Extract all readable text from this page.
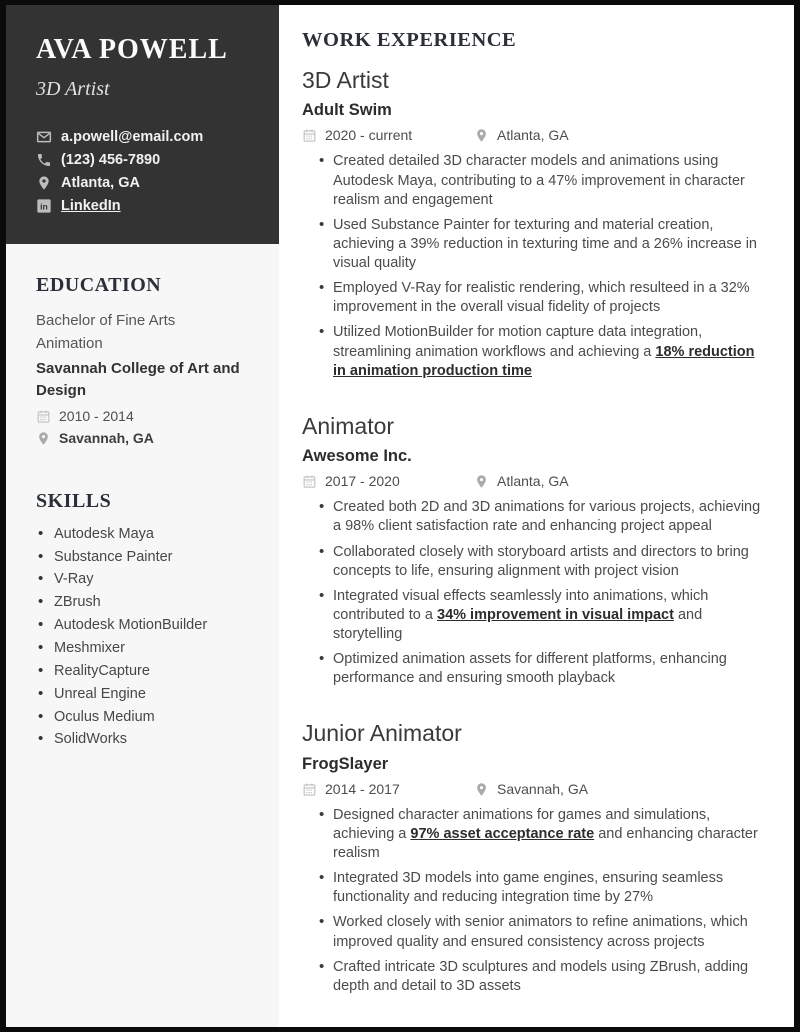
AVA POWELL
3D Artist
a.powell@email.com
(123) 456-7890
Atlanta, GA
in LinkedIn
EDUCATION
Bachelor of Fine Arts Animation
Savannah College of Art and Design
2010 - 2014
Savannah, GA
SKILLS
• Autodesk Maya
• Substance Painter
• V-Ray
• ZBrush
• Autodesk MotionBuilder
• Meshmixer
• RealityCapture
• Unreal Engine
• Oculus Medium
• SolidWorks
WORK EXPERIENCE
3D Artist
Adult Swim
2020 - current	Atlanta, GA
• Created detailed 3D character models and animations using Autodesk Maya, contributing to a 47% improvement in character realism and engagement
• Used Substance Painter for texturing and material creation, achieving a 39% reduction in texturing time and a 26% increase in visual quality
• Employed V-Ray for realistic rendering, which resulteed in a 32% improvement in the overall visual fidelity of projects
• Utilized MotionBuilder for motion capture data integration, streamlining animation workflows and achieving a 18% reduction in animation production time
Animator
Awesome Inc.
2017 - 2020	Atlanta, GA
• Created both 2D and 3D animations for various projects, achieving a 98% client satisfaction rate and enhancing project appeal
• Collaborated closely with storyboard artists and directors to bring concepts to life, ensuring alignment with project vision
• Integrated visual effects seamlessly into animations, which contributed to a 34% improvement in visual impact and storytelling
• Optimized animation assets for different platforms, enhancing performance and ensuring smooth playback
Junior Animator
FrogSlayer
2014 - 2017	Savannah, GA
• Designed character animations for games and simulations, achieving a 97% asset acceptance rate and enhancing character realism
• Integrated 3D models into game engines, ensuring seamless functionality and reducing integration time by 27%
• Worked closely with senior animators to refine animations, which improved quality and ensured consistency across projects
• Crafted intricate 3D sculptures and models using ZBrush, adding depth and detail to 3D assets
